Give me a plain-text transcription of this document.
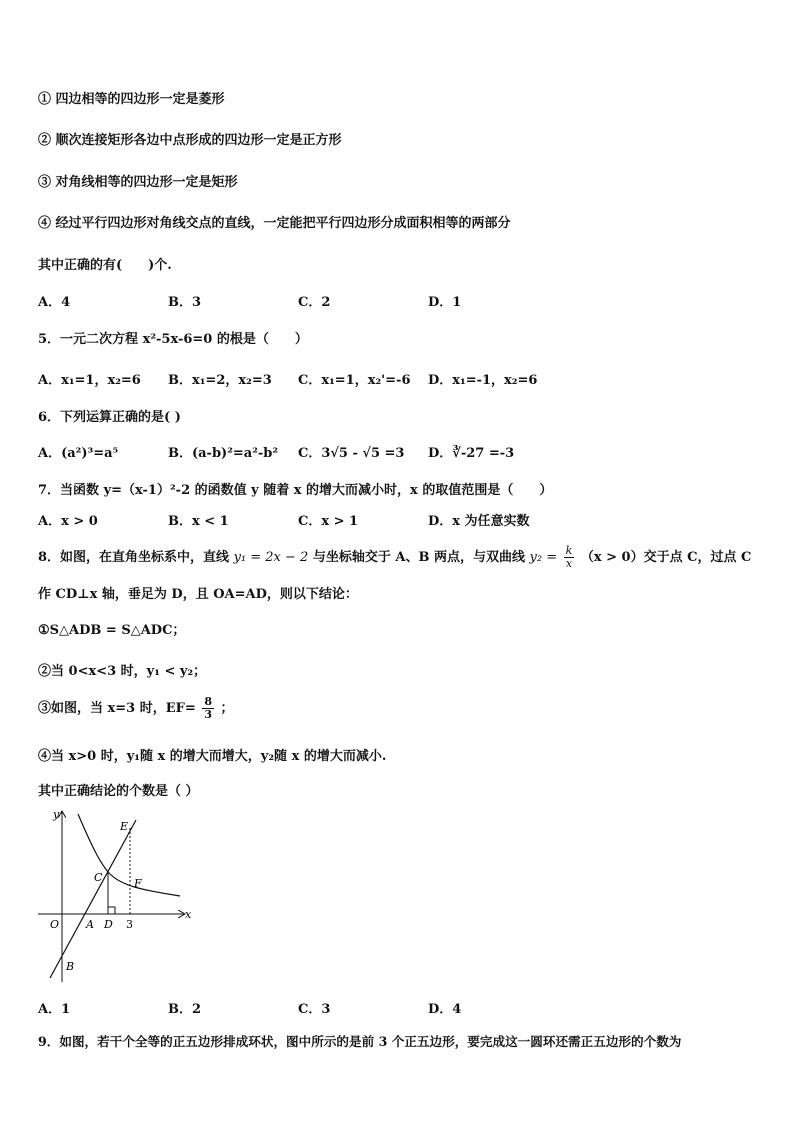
① 四边相等的四边形一定是菱形
② 顺次连接矩形各边中点形成的四边形一定是正方形
③ 对角线相等的四边形一定是矩形
④ 经过平行四边形对角线交点的直线，一定能把平行四边形分成面积相等的两部分
其中正确的有(　　)个.
A．4	B．3	C．2	D．1
5．一元二次方程 x²-5x-6=0 的根是（　　）
A．x₁=1，x₂=6	B．x₁=2，x₂=3	C．x₁=1，x₂'=-6	D．x₁=-1，x₂=6
6．下列运算正确的是( )
A．(a²)³=a⁵	B．(a-b)²=a²-b²	C．3√5 - √5 =3	D．∛-27 =-3
7．当函数 y=（x-1）²-2 的函数值 y 随着 x 的增大而减小时，x 的取值范围是（　　）
A．x > 0	B．x < 1	C．x > 1	D．x 为任意实数
8．如图，在直角坐标系中，直线 y₁ = 2x − 2 与坐标轴交于 A、B 两点，与双曲线 $y_2 = \frac{k}{x} (x > 0)$交于点 C，过点 C
作 CD⊥x 轴，垂足为 D，且 OA=AD，则以下结论：
①S△ADB = S△ADC；
②当 0<x<3 时，y₁ < y₂；
③如图，当 x=3 时，$EF= \frac{8}{3}$ ；
④当 x>0 时，y₁随 x 的增大而增大，y₂随 x 的增大而减小.
其中正确结论的个数是（ ）
y
x
O A D 3
B
C
E
F
A．1	B．2	C．3	D．4
9．如图，若干个全等的正五边形排成环状，图中所示的是前 3 个正五边形，要完成这一圆环还需正五边形的个数为
